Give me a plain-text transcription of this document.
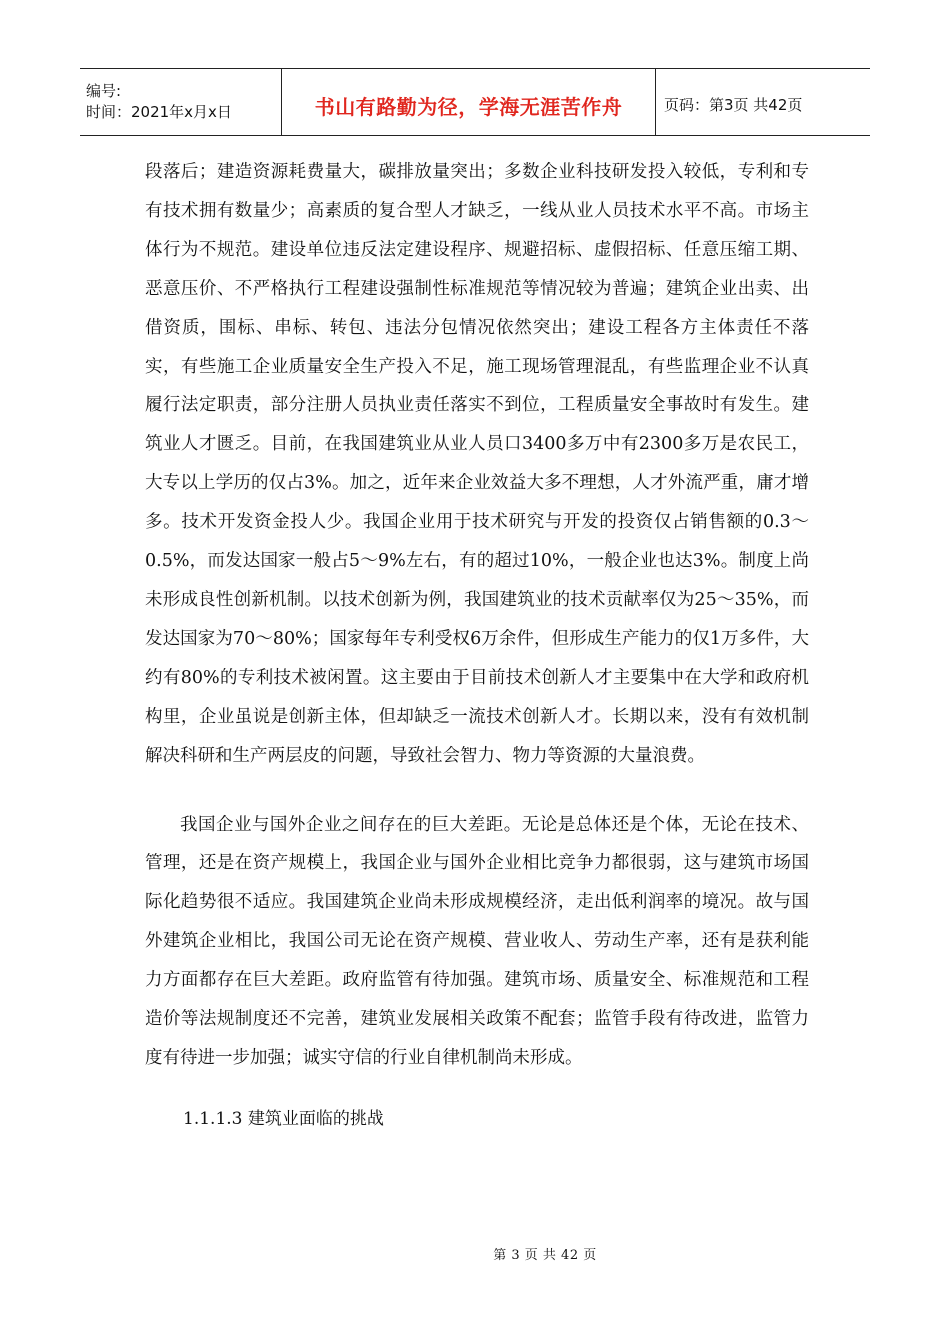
编号:
时间：2021年x月x日	书山有路勤为径，学海无涯苦作舟	页码：第3页 共42页

段落后；建造资源耗费量大，碳排放量突出；多数企业科技研发投入较低，专利和专有技术拥有数量少；高素质的复合型人才缺乏，一线从业人员技术水平不高。市场主体行为不规范。建设单位违反法定建设程序、规避招标、虚假招标、任意压缩工期、恶意压价、不严格执行工程建设强制性标准规范等情况较为普遍；建筑企业出卖、出借资质，围标、串标、转包、违法分包情况依然突出；建设工程各方主体责任不落实，有些施工企业质量安全生产投入不足，施工现场管理混乱，有些监理企业不认真履行法定职责，部分注册人员执业责任落实不到位，工程质量安全事故时有发生。建筑业人才匮乏。目前，在我国建筑业从业人员口3400多万中有2300多万是农民工，大专以上学历的仅占3%。加之，近年来企业效益大多不理想，人才外流严重，庸才增多。技术开发资金投人少。我国企业用于技术研究与开发的投资仅占销售额的0.3～0.5%，而发达国家一般占5～9%左右，有的超过10%，一般企业也达3%。制度上尚未形成良性创新机制。以技术创新为例，我国建筑业的技术贡献率仅为25～35%，而发达国家为70～80%；国家每年专利受权6万余件，但形成生产能力的仅1万多件，大约有80%的专利技术被闲置。这主要由于目前技术创新人才主要集中在大学和政府机构里，企业虽说是创新主体，但却缺乏一流技术创新人才。长期以来，没有有效机制解决科研和生产两层皮的问题，导致社会智力、物力等资源的大量浪费。

我国企业与国外企业之间存在的巨大差距。无论是总体还是个体，无论在技术、管理，还是在资产规模上，我国企业与国外企业相比竞争力都很弱，这与建筑市场国际化趋势很不适应。我国建筑企业尚未形成规模经济，走出低利润率的境况。故与国外建筑企业相比，我国公司无论在资产规模、营业收人、劳动生产率，还有是获利能力方面都存在巨大差距。政府监管有待加强。建筑市场、质量安全、标准规范和工程造价等法规制度还不完善，建筑业发展相关政策不配套；监管手段有待改进，监管力度有待进一步加强；诚实守信的行业自律机制尚未形成。

1.1.1.3 建筑业面临的挑战

第 3 页 共 42 页
